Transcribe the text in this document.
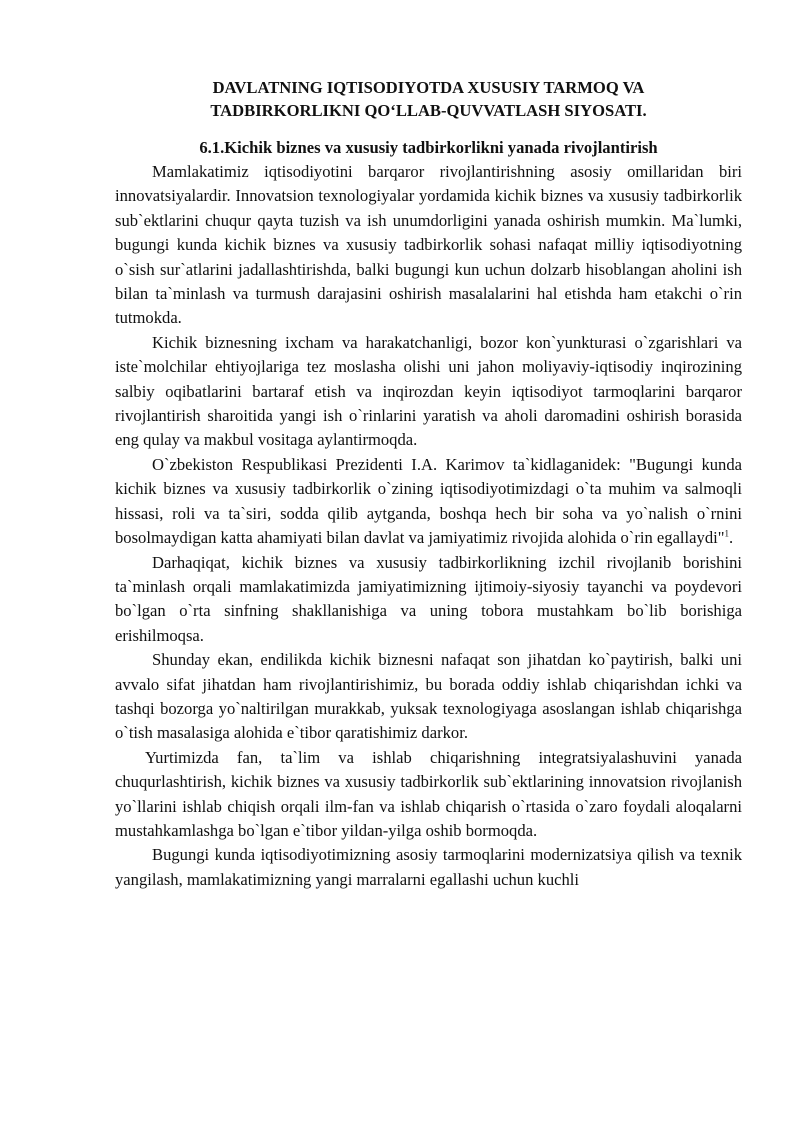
DAVLATNING IQTISODIYOTDA XUSUSIY TARMOQ VA
TADBIRKORLIKNI QO‘LLAB-QUVVATLASH SIYOSATI.
6.1.Kichik biznes va xususiy tadbirkorlikni yanada rivojlantirish

Mamlakatimiz iqtisodiyotini barqaror rivojlantirishning asosiy omillaridan biri innovatsiyalardir. Innovatsion texnologiyalar yordamida kichik biznes va xususiy tadbirkorlik sub`ektlarini chuqur qayta tuzish va ish unumdorligini yanada oshirish mumkin. Ma`lumki, bugungi kunda kichik biznes va xususiy tadbirkorlik sohasi nafaqat milliy iqtisodiyotning o`sish sur`atlarini jadallashtirishda, balki bugungi kun uchun dolzarb hisoblangan aholini ish bilan ta`minlash va turmush darajasini oshirish masalalarini hal etishda ham etakchi o`rin tutmokda.

Kichik biznesning ixcham va harakatchanligi, bozor kon`yunkturasi o`zgarishlari va iste`molchilar ehtiyojlariga tez moslasha olishi uni jahon moliyaviy-iqtisodiy inqirozining salbiy oqibatlarini bartaraf etish va inqirozdan keyin iqtisodiyot tarmoqlarini barqaror rivojlantirish sharoitida yangi ish o`rinlarini yaratish va aholi daromadini oshirish borasida eng qulay va makbul vositaga aylantirmoqda.

O`zbekiston Respublikasi Prezidenti I.A. Karimov ta`kidlaganidek: "Bugungi kunda kichik biznes va xususiy tadbirkorlik o`zining iqtisodiyotimizdagi o`ta muhim va salmoqli hissasi, roli va ta`siri, sodda qilib aytganda, boshqa hech bir soha va yo`nalish o`rnini bosolmaydigan katta ahamiyati bilan davlat va jamiyatimiz rivojida alohida o`rin egallaydi"$^1$.

Darhaqiqat, kichik biznes va xususiy tadbirkorlikning izchil rivojlanib borishini ta`minlash orqali mamlakatimizda jamiyatimizning ijtimoiy-siyosiy tayanchi va poydevori bo`lgan o`rta sinfning shakllanishiga va uning tobora mustahkam bo`lib borishiga erishilmoqsa.

Shunday ekan, endilikda kichik biznesni nafaqat son jihatdan ko`paytirish, balki uni avvalo sifat jihatdan ham rivojlantirishimiz, bu borada oddiy ishlab chiqarishdan ichki va tashqi bozorga yo`naltirilgan murakkab, yuksak texnologiyaga asoslangan ishlab chiqarishga o`tish masalasiga alohida e`tibor qaratishimiz darkor.

Yurtimizda fan, ta`lim va ishlab chiqarishning integratsiyalashuvini yanada chuqurlashtirish, kichik biznes va xususiy tadbirkorlik sub`ektlarining innovatsion rivojlanish yo`llarini ishlab chiqish orqali ilm-fan va ishlab chiqarish o`rtasida o`zaro foydali aloqalarni mustahkamlashga bo`lgan e`tibor yildan-yilga oshib bormoqda.

Bugungi kunda iqtisodiyotimizning asosiy tarmoqlarini modernizatsiya qilish va texnik yangilash, mamlakatimizning yangi marralarni egallashi uchun kuchli
